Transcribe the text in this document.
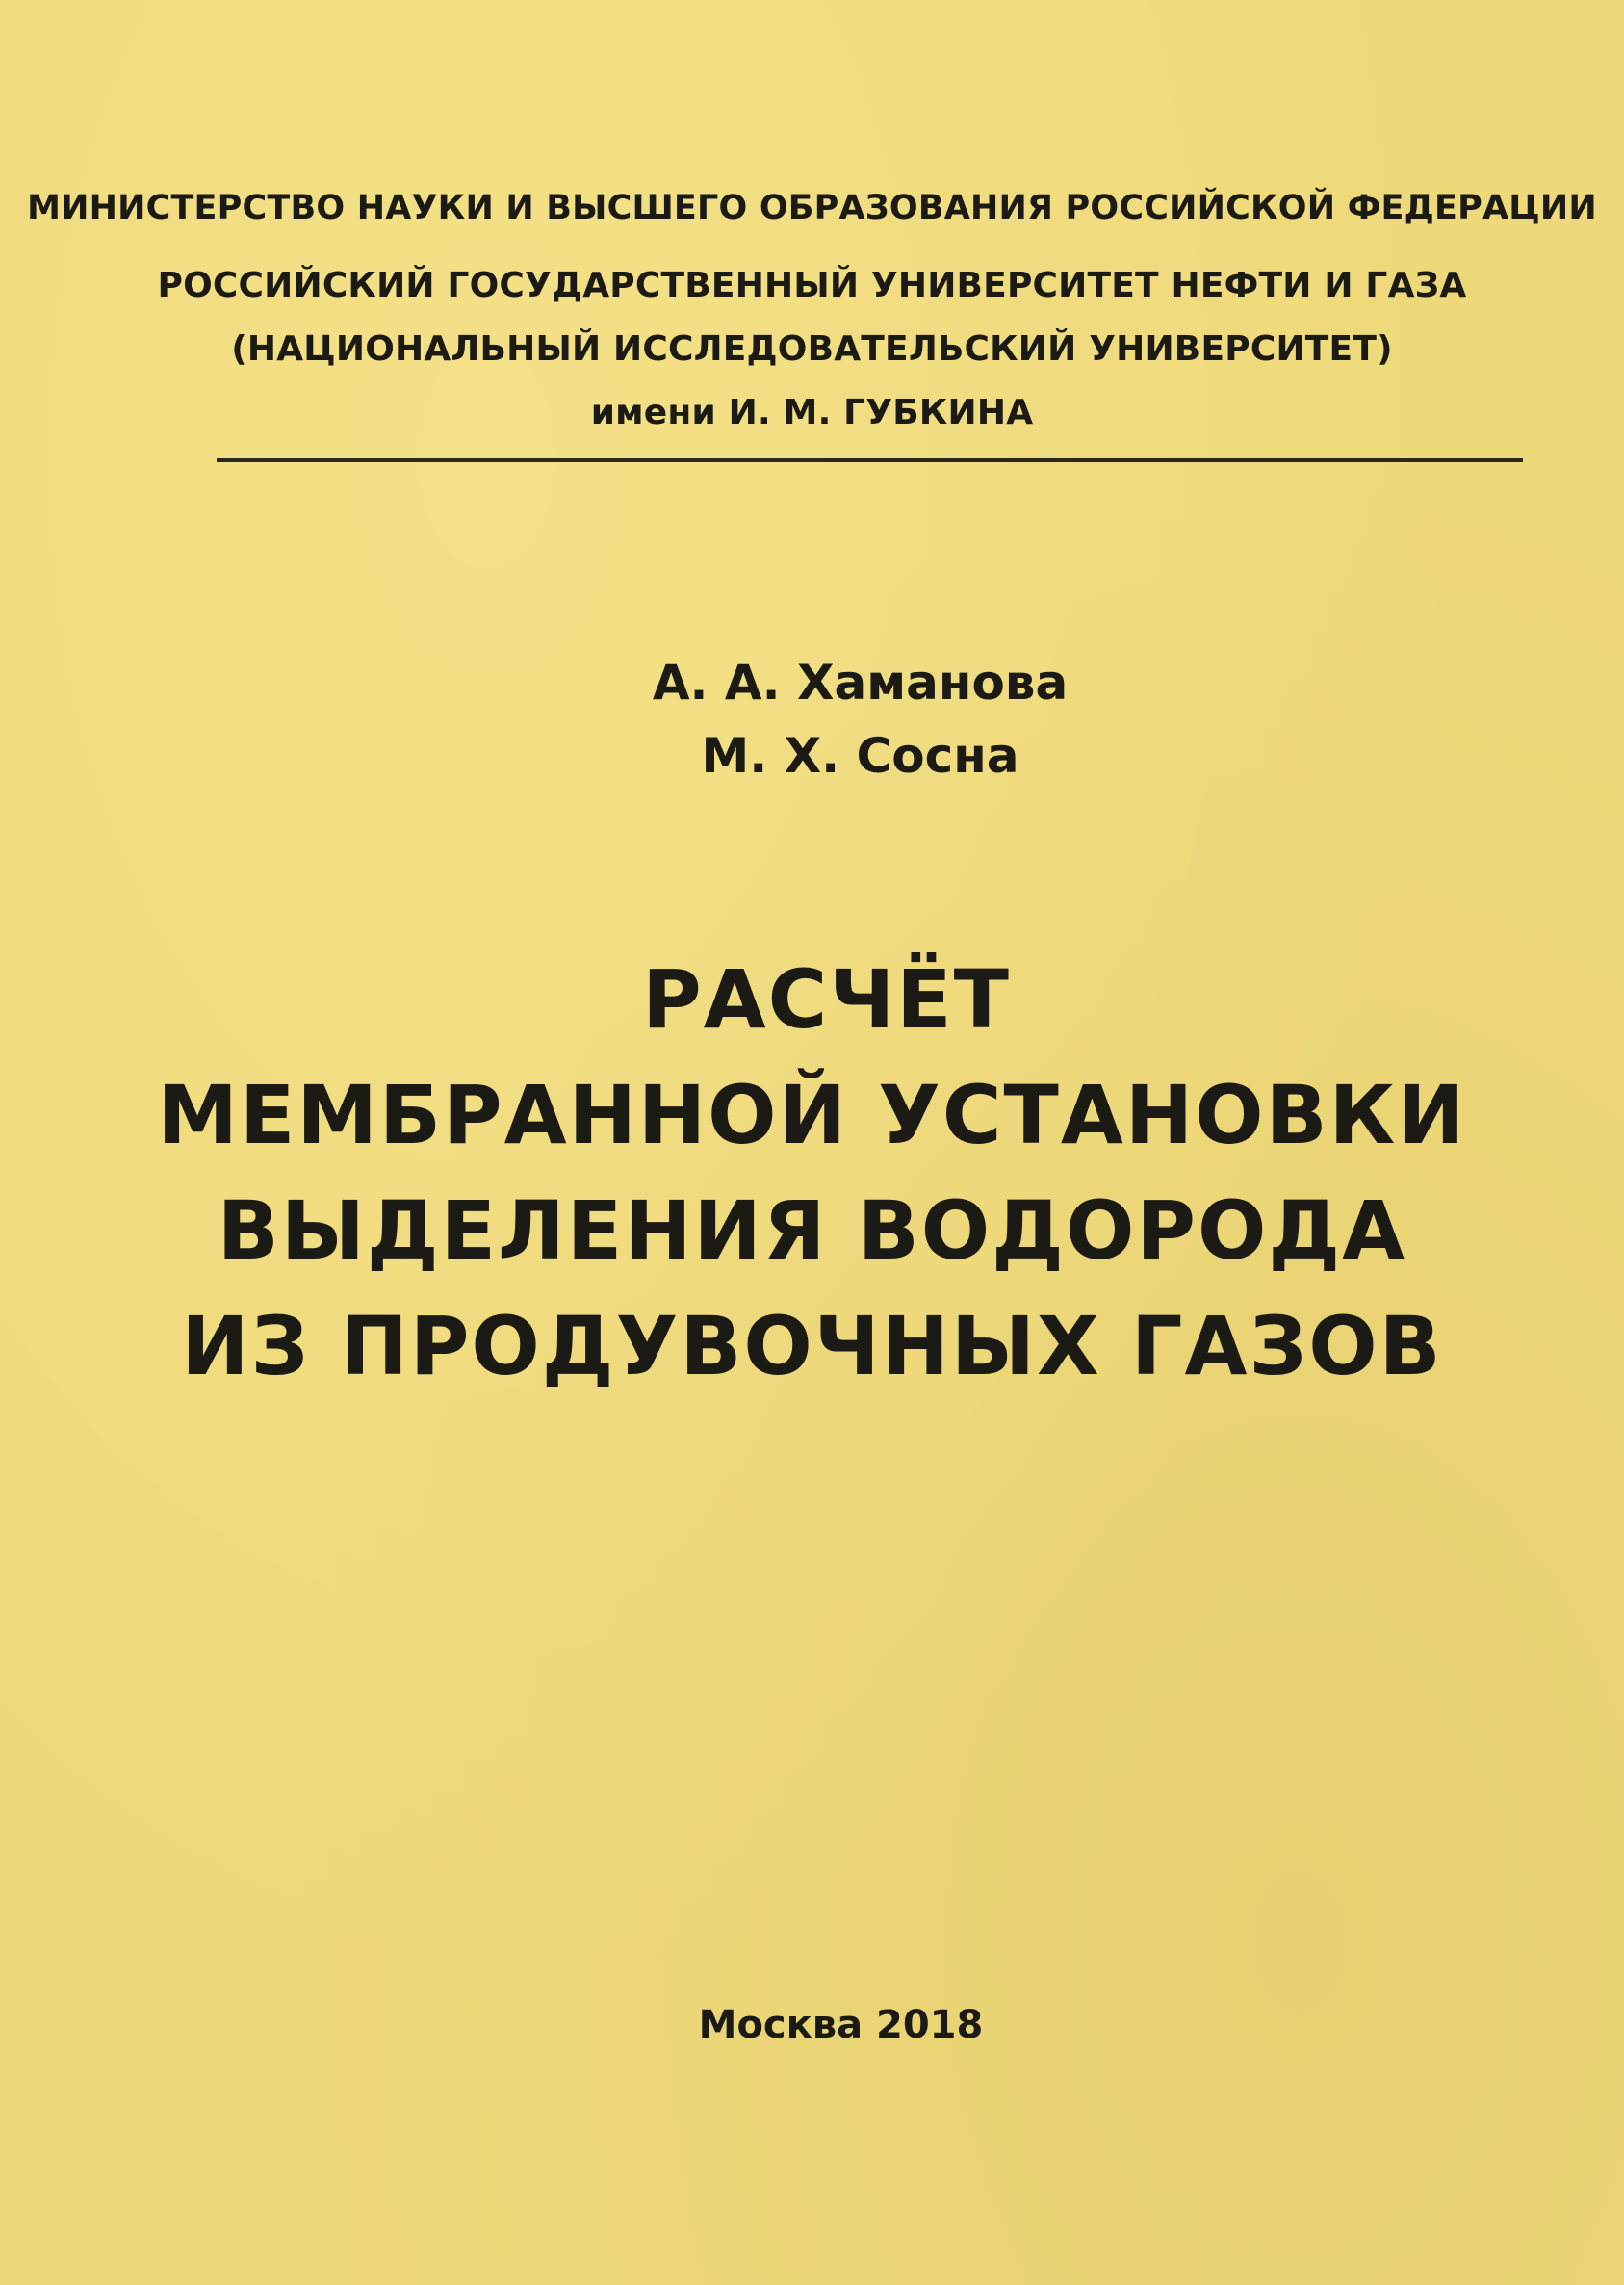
МИНИСТЕРСТВО НАУКИ И ВЫСШЕГО ОБРАЗОВАНИЯ РОССИЙСКОЙ ФЕДЕРАЦИИ
РОССИЙСКИЙ ГОСУДАРСТВЕННЫЙ УНИВЕРСИТЕТ НЕФТИ И ГАЗА
(НАЦИОНАЛЬНЫЙ ИССЛЕДОВАТЕЛЬСКИЙ УНИВЕРСИТЕТ)
имени И. М. ГУБКИНА
А. А. Хаманова
М. Х. Сосна
РАСЧЁТ
МЕМБРАННОЙ УСТАНОВКИ
ВЫДЕЛЕНИЯ ВОДОРОДА
ИЗ ПРОДУВОЧНЫХ ГАЗОВ
Москва 2018
